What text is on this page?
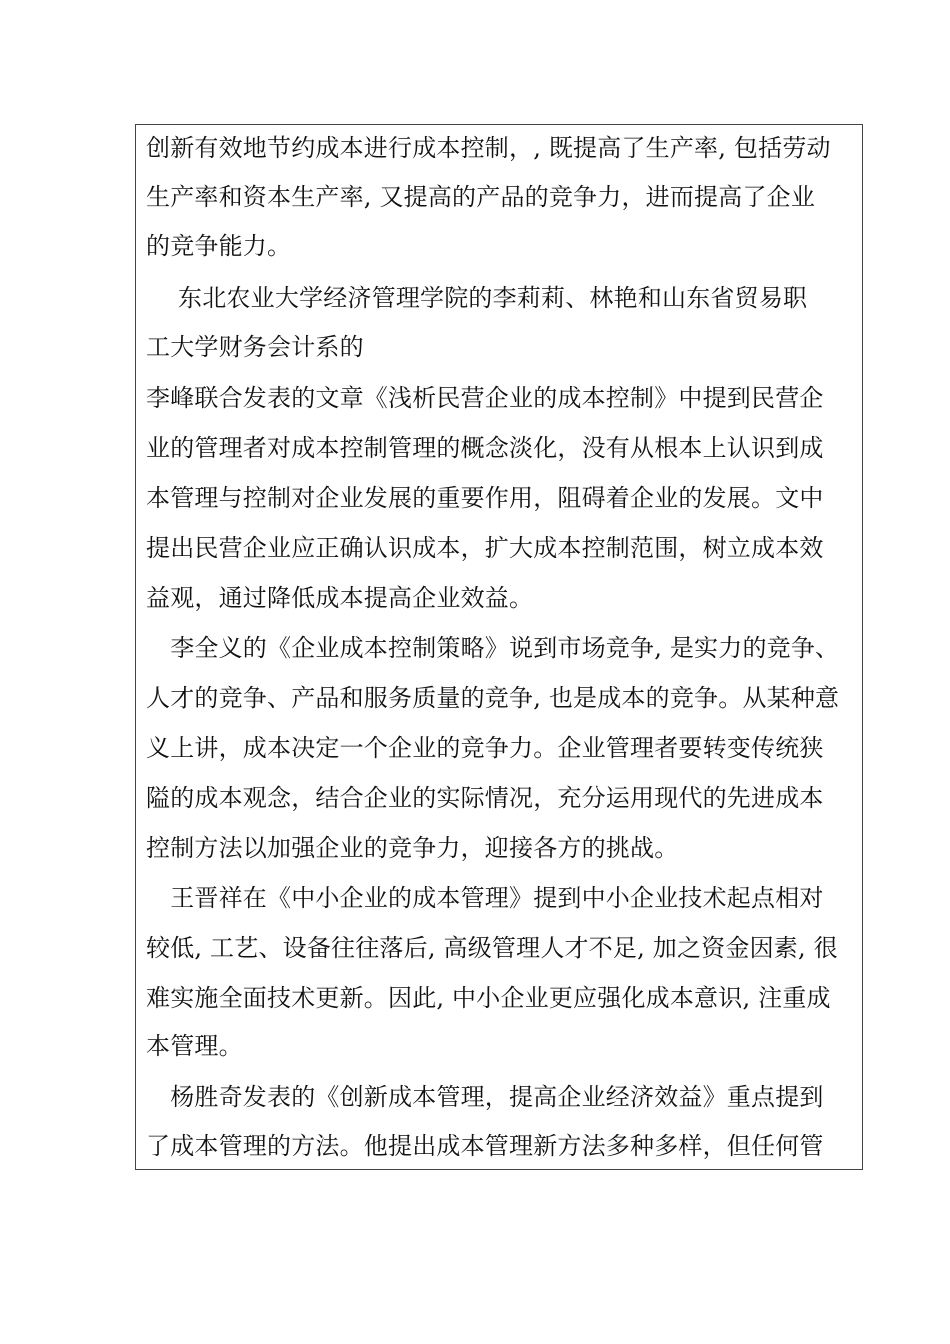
创新有效地节约成本进行成本控制，, 既提高了生产率, 包括劳动
生产率和资本生产率, 又提高的产品的竞争力，进而提高了企业
的竞争能力。
　 东北农业大学经济管理学院的李莉莉、林艳和山东省贸易职
工大学财务会计系的
李峰联合发表的文章《浅析民营企业的成本控制》中提到民营企
业的管理者对成本控制管理的概念淡化，没有从根本上认识到成
本管理与控制对企业发展的重要作用，阻碍着企业的发展。文中
提出民营企业应正确认识成本，扩大成本控制范围，树立成本效
益观，通过降低成本提高企业效益。
　李全义的《企业成本控制策略》说到市场竞争, 是实力的竞争、
人才的竞争、产品和服务质量的竞争, 也是成本的竞争。从某种意
义上讲，成本决定一个企业的竞争力。企业管理者要转变传统狭
隘的成本观念，结合企业的实际情况，充分运用现代的先进成本
控制方法以加强企业的竞争力，迎接各方的挑战。
　王晋祥在《中小企业的成本管理》提到中小企业技术起点相对
较低, 工艺、设备往往落后, 高级管理人才不足, 加之资金因素, 很
难实施全面技术更新。因此, 中小企业更应强化成本意识, 注重成
本管理。
　杨胜奇发表的《创新成本管理，提高企业经济效益》重点提到
了成本管理的方法。他提出成本管理新方法多种多样，但任何管
